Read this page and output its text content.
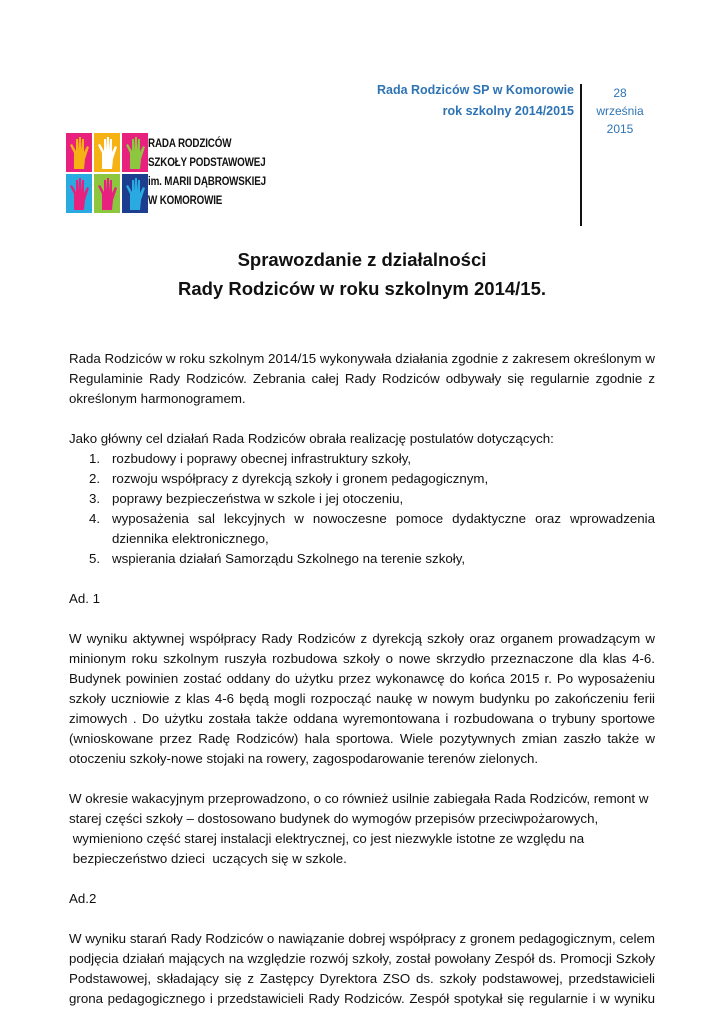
Rada Rodziców SP w Komorowie
rok szkolny 2014/2015
28
września
2015
RADA RODZICÓW
SZKOŁY PODSTAWOWEJ
im. MARII DĄBROWSKIEJ
W KOMOROWIE
Sprawozdanie z działalności
Rady Rodziców w roku szkolnym 2014/15.

Rada Rodziców w roku szkolnym 2014/15 wykonywała działania zgodnie z zakresem określonym w Regulaminie Rady Rodziców. Zebrania całej Rady Rodziców odbywały się regularnie zgodnie z określonym harmonogramem.

Jako główny cel działań Rada Rodziców obrała realizację postulatów dotyczących:

1. rozbudowy i poprawy obecnej infrastruktury szkoły,
2. rozwoju współpracy z dyrekcją szkoły i gronem pedagogicznym,
3. poprawy bezpieczeństwa w szkole i jej otoczeniu,
4. wyposażenia sal lekcyjnych w nowoczesne pomoce dydaktyczne oraz wprowadzenia dziennika elektronicznego,
5. wspierania działań Samorządu Szkolnego na terenie szkoły,

Ad. 1

W wyniku aktywnej współpracy Rady Rodziców z dyrekcją szkoły oraz organem prowadzącym w minionym roku szkolnym ruszyła rozbudowa szkoły o nowe skrzydło przeznaczone dla klas 4-6. Budynek powinien zostać oddany do użytku przez wykonawcę do końca 2015 r. Po wyposażeniu szkoły uczniowie z klas 4-6 będą mogli rozpocząć naukę w nowym budynku po zakończeniu ferii zimowych . Do użytku została także oddana wyremontowana i rozbudowana o trybuny sportowe (wnioskowane przez Radę Rodziców) hala sportowa. Wiele pozytywnych zmian zaszło także w otoczeniu szkoły-nowe stojaki na rowery, zagospodarowanie terenów zielonych.

W okresie wakacyjnym przeprowadzono, o co również usilnie zabiegała Rada Rodziców, remont w
starej części szkoły – dostosowano budynek do wymogów przepisów przeciwpożarowych,
wymieniono część starej instalacji elektrycznej, co jest niezwykle istotne ze względu na
bezpieczeństwo dzieci  uczących się w szkole.

Ad.2

W wyniku starań Rady Rodziców o nawiązanie dobrej współpracy z gronem pedagogicznym, celem podjęcia działań mających na względzie rozwój szkoły, został powołany Zespół ds. Promocji Szkoły Podstawowej, składający się z Zastępcy Dyrektora ZSO ds. szkoły podstawowej, przedstawicieli grona pedagogicznego i przedstawicieli Rady Rodziców. Zespół spotykał się regularnie i w wyniku
